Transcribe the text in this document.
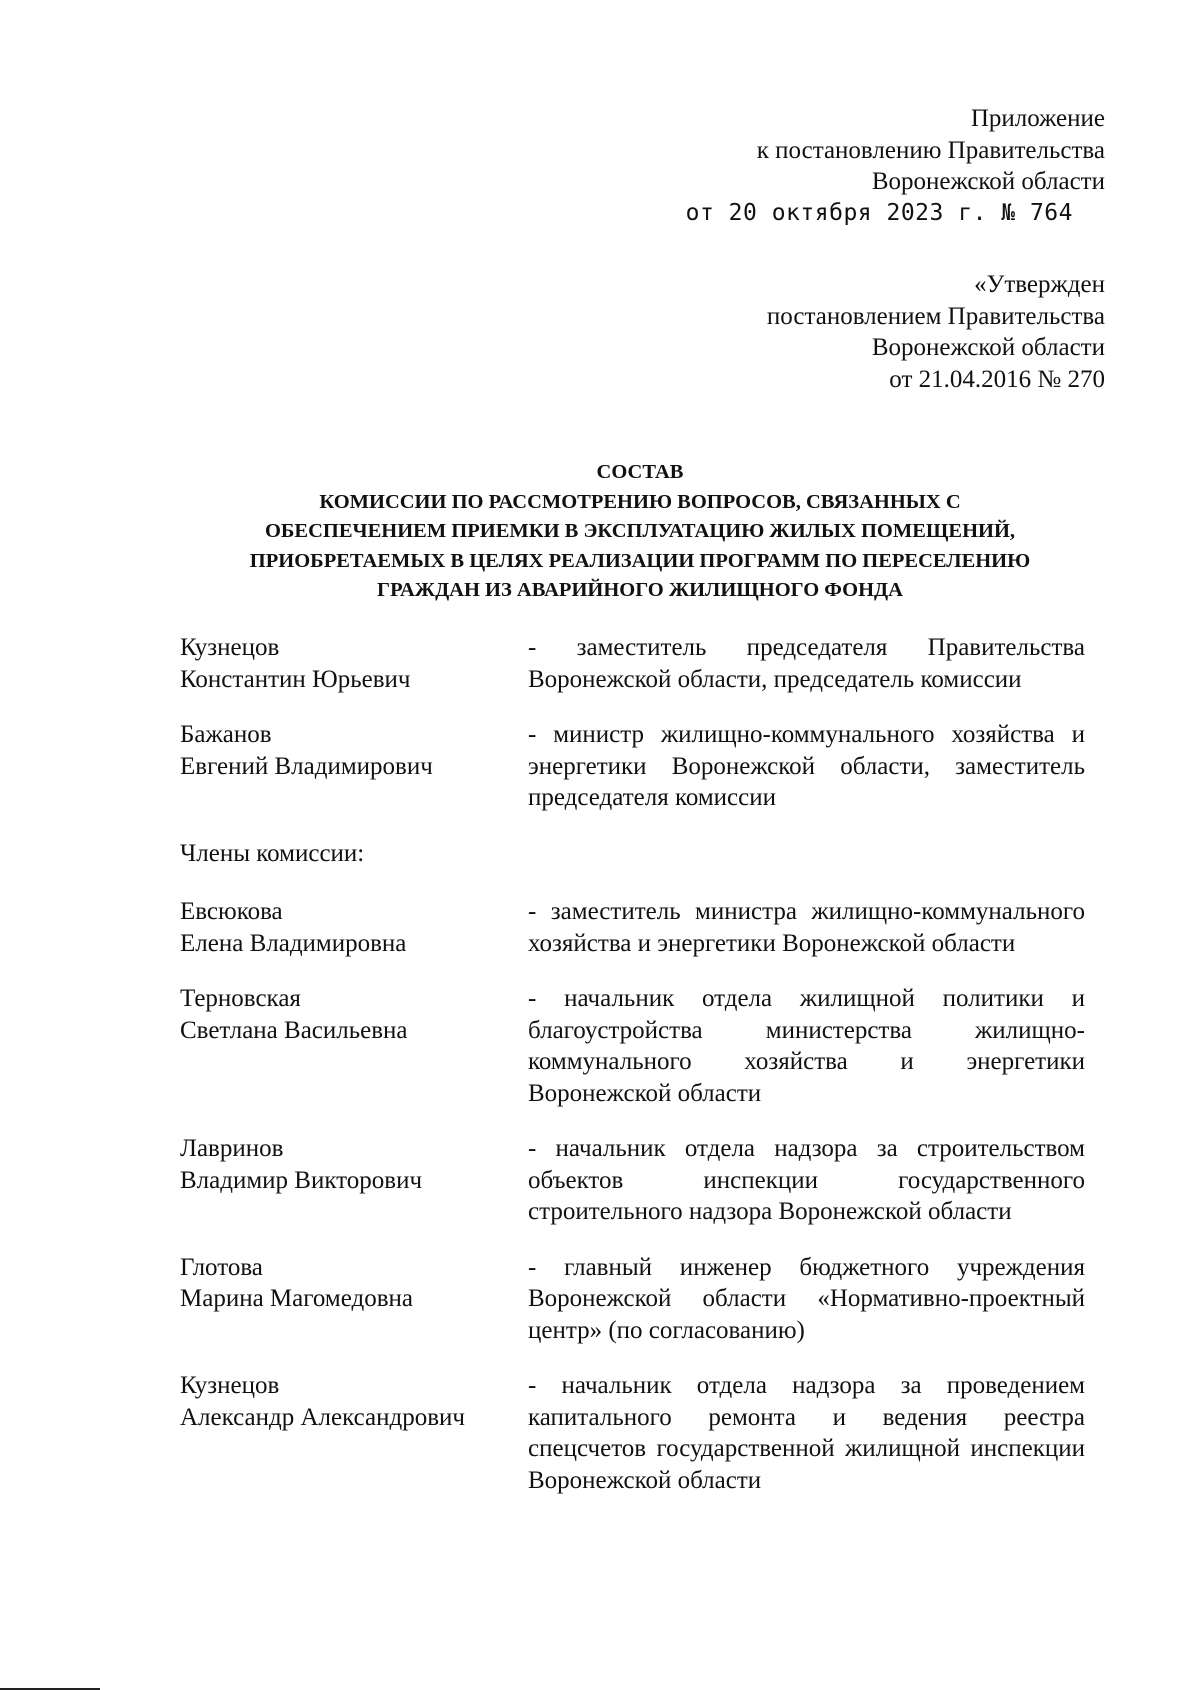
Приложение
к постановлению Правительства
Воронежской области
от 20 октября 2023 г. № 764
«Утвержден
постановлением Правительства
Воронежской области
от 21.04.2016 № 270
СОСТАВ
КОМИССИИ ПО РАССМОТРЕНИЮ ВОПРОСОВ, СВЯЗАННЫХ С
ОБЕСПЕЧЕНИЕМ ПРИЕМКИ В ЭКСПЛУАТАЦИЮ ЖИЛЫХ ПОМЕЩЕНИЙ,
ПРИОБРЕТАЕМЫХ В ЦЕЛЯХ РЕАЛИЗАЦИИ ПРОГРАММ ПО ПЕРЕСЕЛЕНИЮ
ГРАЖДАН ИЗ АВАРИЙНОГО ЖИЛИЩНОГО ФОНДА
Кузнецов
Константин Юрьевич
- заместитель председателя Правительства Воронежской области, председатель комиссии
Бажанов
Евгений Владимирович
- министр жилищно-коммунального хозяйства и энергетики Воронежской области, заместитель председателя комиссии
Члены комиссии:
Евсюкова
Елена Владимировна
- заместитель министра жилищно-коммунального хозяйства и энергетики Воронежской области
Терновская
Светлана Васильевна
- начальник отдела жилищной политики и благоустройства министерства жилищно-коммунального хозяйства и энергетики Воронежской области
Лавринов
Владимир Викторович
- начальник отдела надзора за строительством объектов инспекции государственного строительного надзора Воронежской области
Глотова
Марина Магомедовна
- главный инженер бюджетного учреждения Воронежской области «Нормативно-проектный центр» (по согласованию)
Кузнецов
Александр Александрович
- начальник отдела надзора за проведением капитального ремонта и ведения реестра спецсчетов государственной жилищной инспекции Воронежской области
